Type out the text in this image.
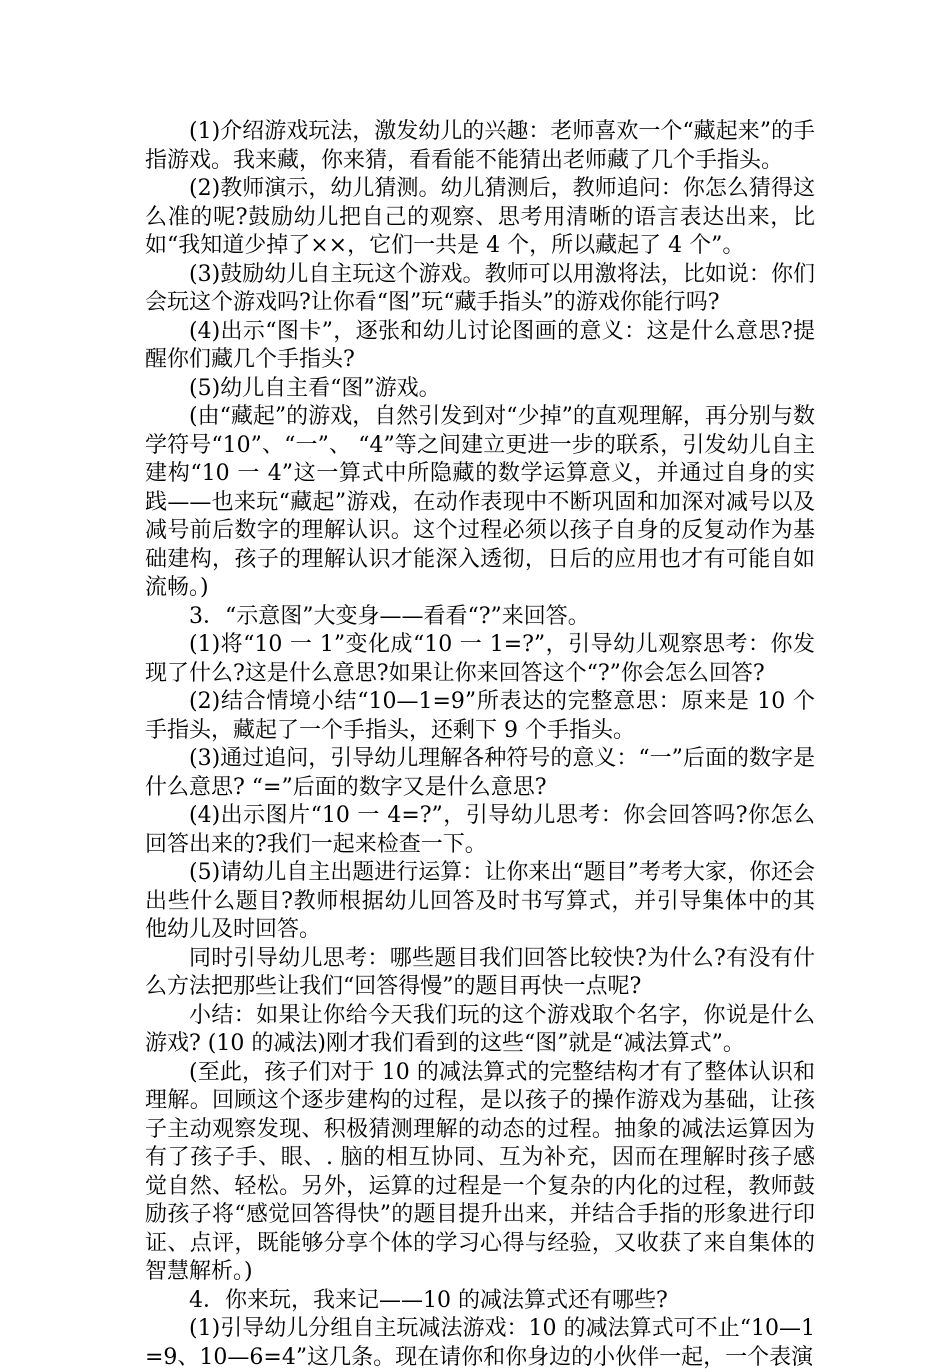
(1)介绍游戏玩法，激发幼儿的兴趣：老师喜欢一个“藏起来”的手指游戏。我来藏，你来猜，看看能不能猜出老师藏了几个手指头。

(2)教师演示，幼儿猜测。幼儿猜测后，教师追问：你怎么猜得这么准的呢?鼓励幼儿把自己的观察、思考用清晰的语言表达出来，比如“我知道少掉了××，它们一共是 4 个，所以藏起了 4 个”。

(3)鼓励幼儿自主玩这个游戏。教师可以用激将法，比如说：你们会玩这个游戏吗?让你看“图”玩“藏手指头”的游戏你能行吗?

(4)出示“图卡”，逐张和幼儿讨论图画的意义：这是什么意思?提醒你们藏几个手指头?

(5)幼儿自主看“图”游戏。

(由“藏起”的游戏，自然引发到对“少掉”的直观理解，再分别与数学符号“10”、“一”、 “4”等之间建立更进一步的联系，引发幼儿自主建构“10 一 4”这一算式中所隐藏的数学运算意义，并通过自身的实践——也来玩“藏起”游戏，在动作表现中不断巩固和加深对减号以及减号前后数字的理解认识。这个过程必须以孩子自身的反复动作为基础建构，孩子的理解认识才能深入透彻，日后的应用也才有可能自如流畅。)

3．“示意图”大变身——看看“?”来回答。

(1)将“10 一 1”变化成“10 一 1=?”，引导幼儿观察思考：你发现了什么?这是什么意思?如果让你来回答这个“?”你会怎么回答?

(2)结合情境小结“10—1=9”所表达的完整意思：原来是 10 个手指头，藏起了一个手指头，还剩下 9 个手指头。

(3)通过追问，引导幼儿理解各种符号的意义：“一”后面的数字是什么意思? “=”后面的数字又是什么意思?

(4)出示图片“10 一 4=?”，引导幼儿思考：你会回答吗?你怎么回答出来的?我们一起来检查一下。

(5)请幼儿自主出题进行运算：让你来出“题目”考考大家，你还会出些什么题目?教师根据幼儿回答及时书写算式，并引导集体中的其他幼儿及时回答。

同时引导幼儿思考：哪些题目我们回答比较快?为什么?有没有什么方法把那些让我们“回答得慢”的题目再快一点呢?

小结：如果让你给今天我们玩的这个游戏取个名字，你说是什么游戏? (10 的减法)刚才我们看到的这些“图”就是“减法算式”。

(至此，孩子们对于 10 的减法算式的完整结构才有了整体认识和理解。回顾这个逐步建构的过程，是以孩子的操作游戏为基础，让孩子主动观察发现、积极猜测理解的动态的过程。抽象的减法运算因为有了孩子手、眼、. 脑的相互协同、互为补充，因而在理解时孩子感觉自然、轻松。另外，运算的过程是一个复杂的内化的过程，教师鼓励孩子将“感觉回答得快”的题目提升出来，并结合手指的形象进行印证、点评，既能够分享个体的学习心得与经验，又收获了来自集体的智慧解析。)

4．你来玩，我来记——10 的减法算式还有哪些?

(1)引导幼儿分组自主玩减法游戏：10 的减法算式可不止“10—1=9、10—6=4”这几条。现在请你和你身边的小伙伴一起，一个表演
